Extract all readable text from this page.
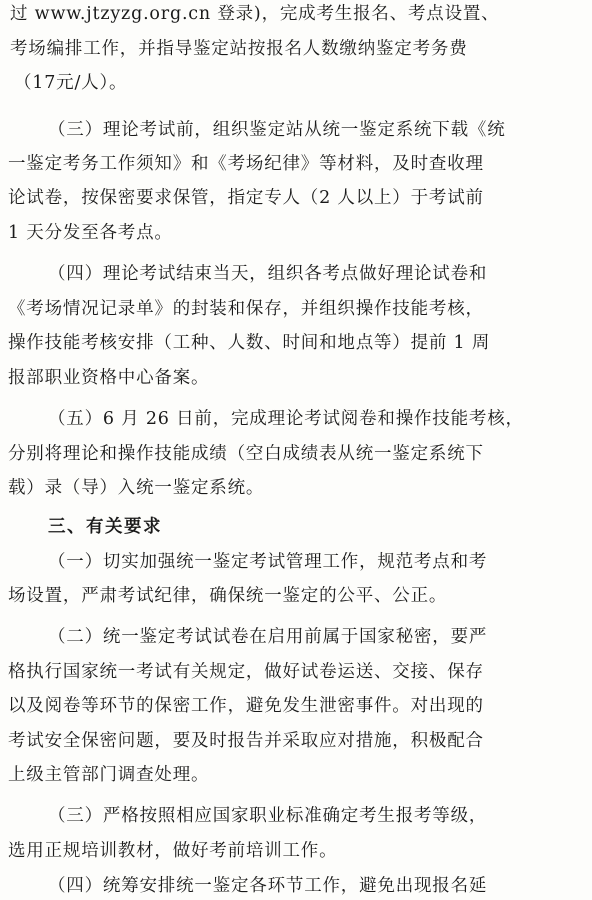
过 www.jtzyzg.org.cn 登录)，完成考生报名、考点设置、
考场编排工作，并指导鉴定站按报名人数缴纳鉴定考务费
（17元/人）。
（三）理论考试前，组织鉴定站从统一鉴定系统下载《统
一鉴定考务工作须知》和《考场纪律》等材料，及时查收理
论试卷，按保密要求保管，指定专人（2 人以上）于考试前
1 天分发至各考点。
（四）理论考试结束当天，组织各考点做好理论试卷和
《考场情况记录单》的封装和保存，并组织操作技能考核，
操作技能考核安排（工种、人数、时间和地点等）提前 1 周
报部职业资格中心备案。
（五）6 月 26 日前，完成理论考试阅卷和操作技能考核，
分别将理论和操作技能成绩（空白成绩表从统一鉴定系统下
载）录（导）入统一鉴定系统。
三、有关要求
（一）切实加强统一鉴定考试管理工作，规范考点和考
场设置，严肃考试纪律，确保统一鉴定的公平、公正。
（二）统一鉴定考试试卷在启用前属于国家秘密，要严
格执行国家统一考试有关规定，做好试卷运送、交接、保存
以及阅卷等环节的保密工作，避免发生泄密事件。对出现的
考试安全保密问题，要及时报告并采取应对措施，积极配合
上级主管部门调查处理。
（三）严格按照相应国家职业标准确定考生报考等级，
选用正规培训教材，做好考前培训工作。
（四）统筹安排统一鉴定各环节工作，避免出现报名延
